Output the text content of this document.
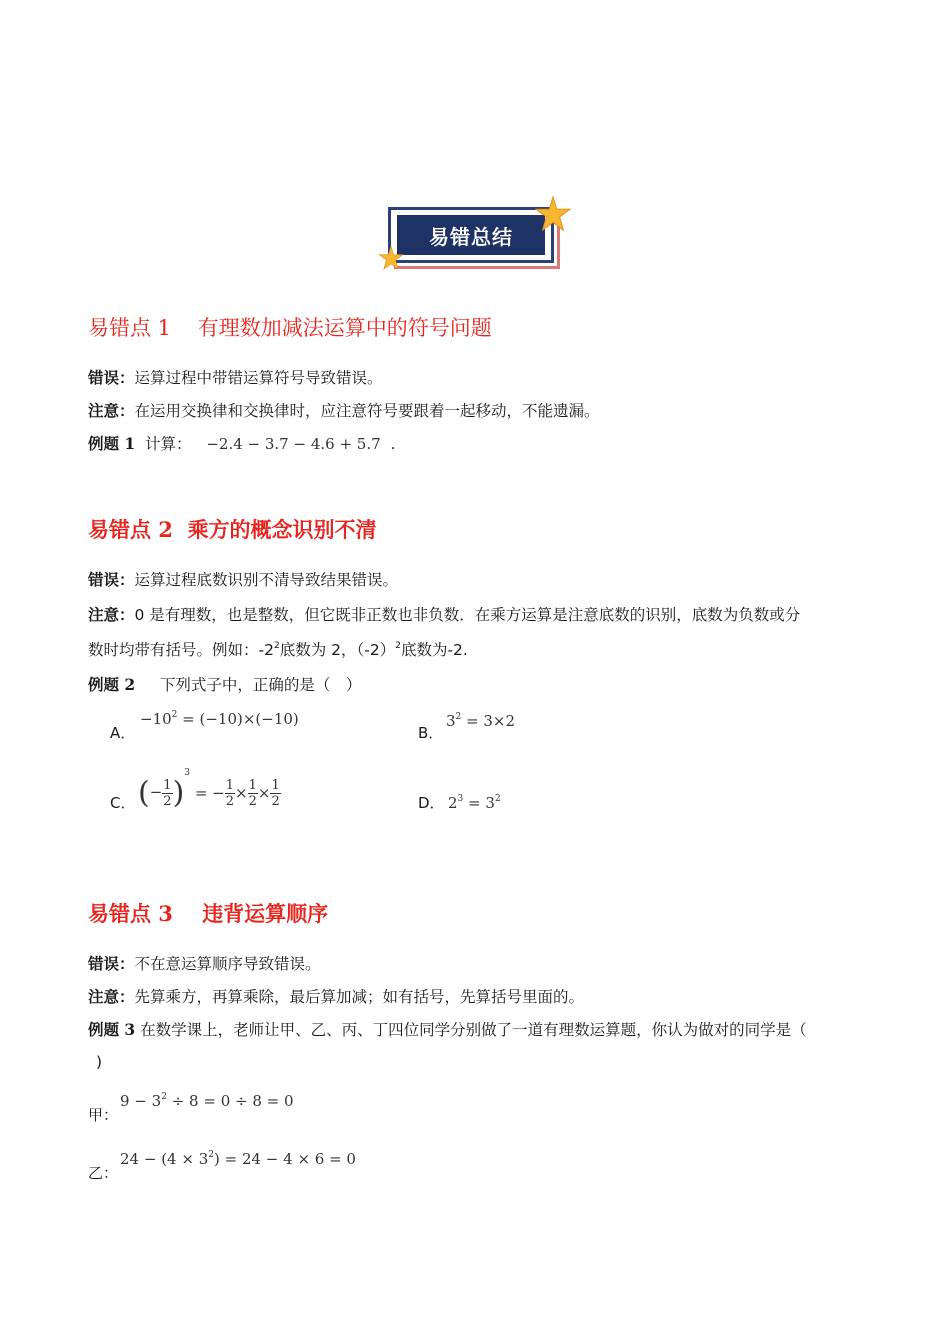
易错总结
易错点 1 有理数加减法运算中的符号问题
错误：运算过程中带错运算符号导致错误。
注意：在运用交换律和交换律时，应注意符号要跟着一起移动，不能遗漏。
例题 1 计算： −2.4 − 3.7 − 4.6 + 5.7 .
易错点 2 乘方的概念识别不清
错误：运算过程底数识别不清导致结果错误。
注意：0 是有理数，也是整数，但它既非正数也非负数．在乘方运算是注意底数的识别，底数为负数或分
数时均带有括号。例如：$-2^2$底数为 2，$(-2)^2$底数为-2.
例题 2 下列式子中，正确的是（　）
A．
$-10^2 = (-10)\times(-10)$
B．
$3^2 = 3\times 2$
C． (− $\frac{1}{2} )^3$ = − $\frac{1}{2} \times \frac{1}{2} \times \frac{1}{2}$	D． $2^3 = 3^2$
易错点 3 违背运算顺序
错误：不在意运算顺序导致错误。
注意：先算乘方，再算乘除，最后算加减；如有括号，先算括号里面的。
例题 3 在数学课上，老师让甲、乙、丙、丁四位同学分别做了一道有理数运算题，你认为做对的同学是（
)
甲：
$9 - 3^2 \div 8 = 0 \div 8 = 0$
乙：
$24 - (4 \times 3^2) = 24 - 4 \times 6 = 0$
